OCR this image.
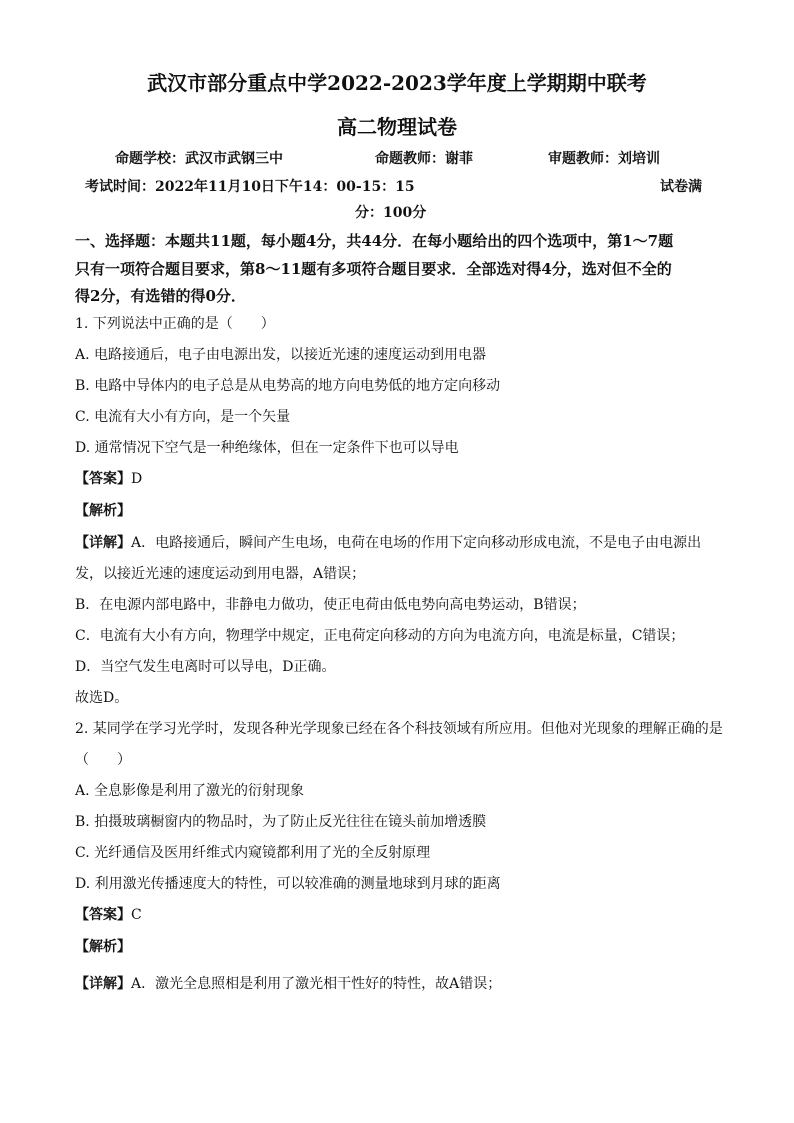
武汉市部分重点中学2022-2023学年度上学期期中联考
高二物理试卷
命题学校：武汉市武钢三中	命题教师：谢菲	审题教师：刘培训
考试时间：2022年11月10日下午14：00-15：15	试卷满
分：100分
一、选择题：本题共11题，每小题4分，共44分．在每小题给出的四个选项中，第1～7题
只有一项符合题目要求，第8～11题有多项符合题目要求．全部选对得4分，选对但不全的
得2分，有选错的得0分．
1. 下列说法中正确的是（　　）
A. 电路接通后，电子由电源出发，以接近光速的速度运动到用电器
B. 电路中导体内的电子总是从电势高的地方向电势低的地方定向移动
C. 电流有大小有方向，是一个矢量
D. 通常情况下空气是一种绝缘体，但在一定条件下也可以导电
【答案】D
【解析】
【详解】A．电路接通后，瞬间产生电场，电荷在电场的作用下定向移动形成电流，不是电子由电源出
发，以接近光速的速度运动到用电器，A错误；
B．在电源内部电路中，非静电力做功，使正电荷由低电势向高电势运动，B错误；
C．电流有大小有方向，物理学中规定，正电荷定向移动的方向为电流方向，电流是标量，C错误；
D．当空气发生电离时可以导电，D正确。
故选D。
2. 某同学在学习光学时，发现各种光学现象已经在各个科技领域有所应用。但他对光现象的理解正确的是
（　　）
A. 全息影像是利用了激光的衍射现象
B. 拍摄玻璃橱窗内的物品时，为了防止反光往往在镜头前加增透膜
C. 光纤通信及医用纤维式内窥镜都利用了光的全反射原理
D. 利用激光传播速度大的特性，可以较准确的测量地球到月球的距离
【答案】C
【解析】
【详解】A．激光全息照相是利用了激光相干性好的特性，故A错误；
